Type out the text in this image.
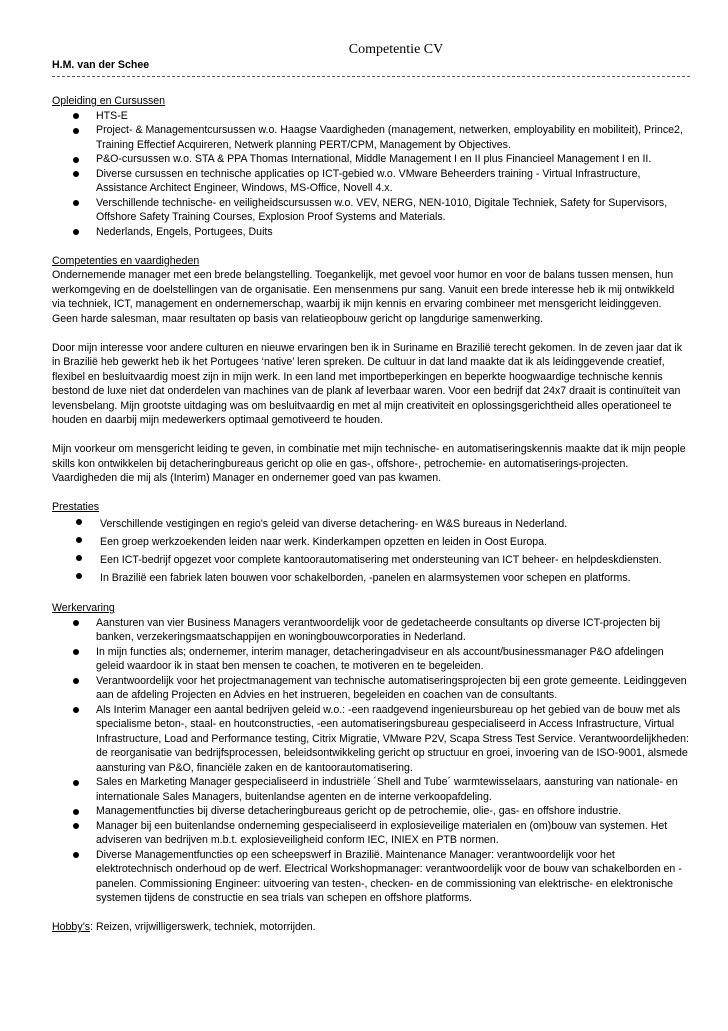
Competentie CV
H.M. van der Schee
Opleiding en Cursussen
HTS-E
Project- & Managementcursussen w.o. Haagse Vaardigheden (management, netwerken, employability en mobiliteit), Prince2, Training Effectief Acquireren, Netwerk planning PERT/CPM, Management by Objectives.
P&O-cursussen w.o. STA & PPA Thomas International, Middle Management I en II plus Financieel Management I en II.
Diverse cursussen en technische applicaties op ICT-gebied w.o. VMware Beheerders training - Virtual Infrastructure, Assistance Architect Engineer, Windows, MS-Office, Novell 4.x.
Verschillende technische- en veiligheidscursussen w.o. VEV, NERG, NEN-1010, Digitale Techniek, Safety for Supervisors, Offshore Safety Training Courses, Explosion Proof Systems and Materials.
Nederlands, Engels, Portugees, Duits
Competenties en vaardigheden

Ondernemende manager met een brede belangstelling. Toegankelijk, met gevoel voor humor en voor de balans tussen mensen, hun werkomgeving en de doelstellingen van de organisatie. Een mensenmens pur sang. Vanuit een brede interesse heb ik mij ontwikkeld via techniek, ICT, management en ondernemerschap, waarbij ik mijn kennis en ervaring combineer met mensgericht leidinggeven.

Geen harde salesman, maar resultaten op basis van relatieopbouw gericht op langdurige samenwerking.

Door mijn interesse voor andere culturen en nieuwe ervaringen ben ik in Suriname en Brazilië terecht gekomen. In de zeven jaar dat ik in Brazilië heb gewerkt heb ik het Portugees ‘native’ leren spreken. De cultuur in dat land maakte dat ik als leidinggevende creatief, flexibel en besluitvaardig moest zijn in mijn werk. In een land met importbeperkingen en beperkte hoogwaardige technische kennis bestond de luxe niet dat onderdelen van machines van de plank af leverbaar waren. Voor een bedrijf dat 24x7 draait is continuïteit van levensbelang. Mijn grootste uitdaging was om besluitvaardig en met al mijn creativiteit en oplossingsgerichtheid alles operationeel te houden en daarbij mijn medewerkers optimaal gemotiveerd te houden.

Mijn voorkeur om mensgericht leiding te geven, in combinatie met mijn technische- en automatiseringskennis maakte dat ik mijn people skills kon ontwikkelen bij detacheringbureaus gericht op olie en gas-, offshore-, petrochemie- en automatiserings-projecten. Vaardigheden die mij als (Interim) Manager en ondernemer goed van pas kwamen.

Prestaties
Verschillende vestigingen en regio's geleid van diverse detachering- en W&S bureaus in Nederland.
Een groep werkzoekenden leiden naar werk. Kinderkampen opzetten en leiden in Oost Europa.
Een ICT-bedrijf opgezet voor complete kantoorautomatisering met ondersteuning van ICT beheer- en helpdeskdiensten.
In Brazilië een fabriek laten bouwen voor schakelborden, -panelen en alarmsystemen voor schepen en platforms.
Werkervaring
Aansturen van vier Business Managers verantwoordelijk voor de gedetacheerde consultants op diverse ICT-projecten bij banken, verzekeringsmaatschappijen en woningbouwcorporaties in Nederland.
In mijn functies als; ondernemer, interim manager, detacheringadviseur en als account/businessmanager P&O afdelingen geleid waardoor ik in staat ben mensen te coachen, te motiveren en te begeleiden.
Verantwoordelijk voor het projectmanagement van technische automatiseringsprojecten bij een grote gemeente. Leidinggeven aan de afdeling Projecten en Advies en het instrueren, begeleiden en coachen van de consultants.
Als Interim Manager een aantal bedrijven geleid w.o.: -een raadgevend ingenieursbureau op het gebied van de bouw met als specialisme beton-, staal- en houtconstructies, -een automatiseringsbureau gespecialiseerd in Access Infrastructure, Virtual Infrastructure, Load and Performance testing, Citrix Migratie, VMware P2V, Scapa Stress Test Service. Verantwoordelijkheden: de reorganisatie van bedrijfsprocessen, beleidsontwikkeling gericht op structuur en groei, invoering van de ISO-9001, alsmede aansturing van P&O, financiële zaken en de kantoorautomatisering.
Sales en Marketing Manager gespecialiseerd in industriële ´Shell and Tube´ warmtewisselaars, aansturing van nationale- en internationale Sales Managers, buitenlandse agenten en de interne verkoopafdeling.
Managementfuncties bij diverse detacheringbureaus gericht op de petrochemie, olie-, gas- en offshore industrie.
Manager bij een buitenlandse onderneming gespecialiseerd in explosieveilige materialen en (om)bouw van systemen. Het adviseren van bedrijven m.b.t. explosieveiligheid conform IEC, INIEX en PTB normen.
Diverse Managementfuncties op een scheepswerf in Brazilië. Maintenance Manager: verantwoordelijk voor het elektrotechnisch onderhoud op de werf. Electrical Workshopmanager: verantwoordelijk voor de bouw van schakelborden en -panelen. Commissioning Engineer: uitvoering van testen-, checken- en de commissioning van elektrische- en elektronische systemen tijdens de constructie en sea trials van schepen en offshore platforms.

Hobby’s: Reizen, vrijwilligerswerk, techniek, motorrijden.
